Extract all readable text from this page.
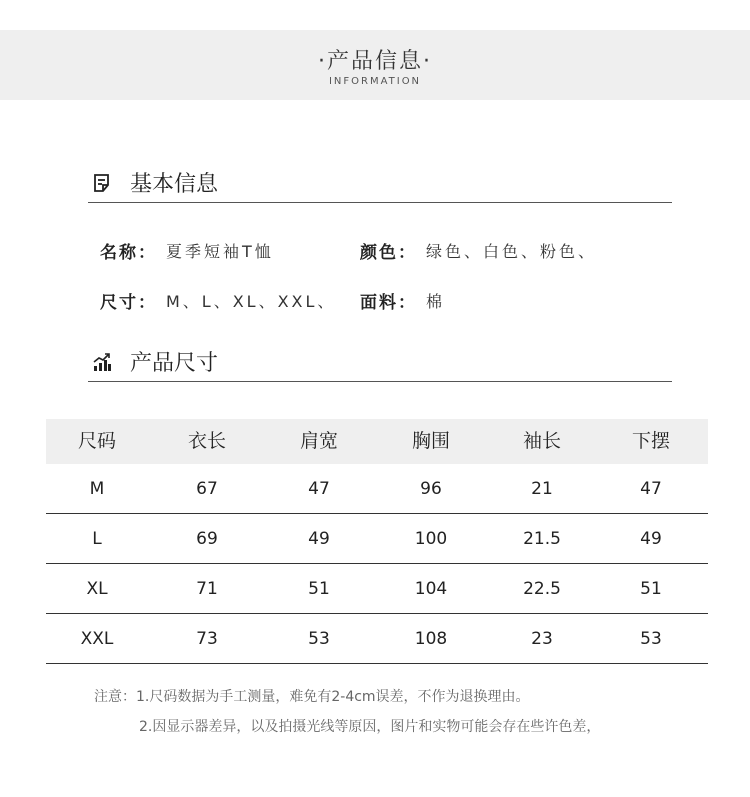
·产品信息·
INFORMATION
基本信息
名称： 夏季短袖T恤	颜色： 绿色、白色、粉色、
尺寸： M、L、XL、XXL、 面料： 棉
产品尺寸
尺码	衣长	肩宽	胸围	袖长	下摆
M	67	47	96	21	47
L	69	49	100	21.5	49
XL	71	51	104	22.5	51
XXL	73	53	108	23	53
注意：1.尺码数据为手工测量，难免有2-4cm误差，不作为退换理由。
2.因显示器差异，以及拍摄光线等原因，图片和实物可能会存在些许色差，
